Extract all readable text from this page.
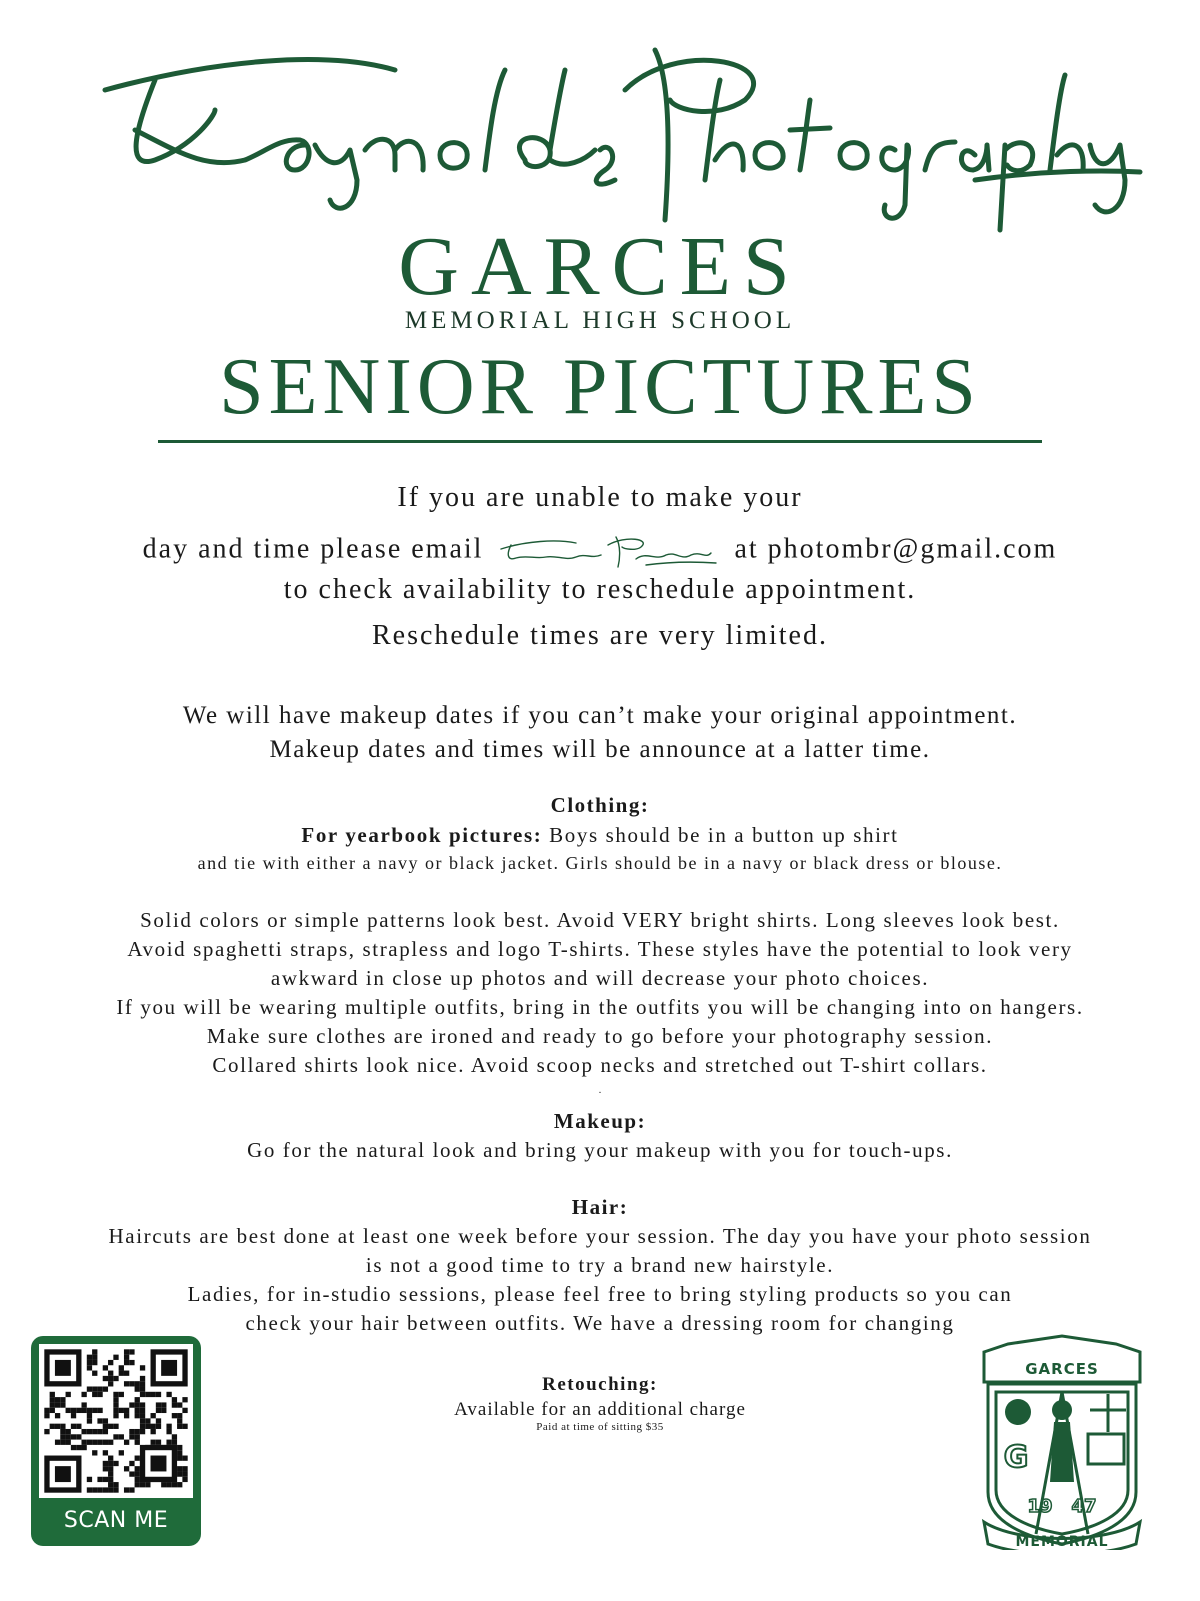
GARCES
MEMORIAL HIGH SCHOOL
SENIOR PICTURES
If you are unable to make your
day and time please email	at photombr@gmail.com
to check availability to reschedule appointment.
Reschedule times are very limited.
We will have makeup dates if you can’t make your original appointment.
Makeup dates and times will be announce at a latter time.
Clothing:
For yearbook pictures: Boys should be in a button up shirt
and tie with either a navy or black jacket. Girls should be in a navy or black dress or blouse.
Solid colors or simple patterns look best. Avoid VERY bright shirts. Long sleeves look best.
Avoid spaghetti straps, strapless and logo T-shirts. These styles have the potential to look very
awkward in close up photos and will decrease your photo choices.
If you will be wearing multiple outfits, bring in the outfits you will be changing into on hangers.
Make sure clothes are ironed and ready to go before your photography session.
Collared shirts look nice. Avoid scoop necks and stretched out T-shirt collars.
.
Makeup:
Go for the natural look and bring your makeup with you for touch-ups.
Hair:
Haircuts are best done at least one week before your session. The day you have your photo session
is not a good time to try a brand new hairstyle.
Ladies, for in-studio sessions, please feel free to bring styling products so you can
check your hair between outfits. We have a dressing room for changing
Retouching:
Available for an additional charge
Paid at time of sitting $35
SCAN ME
GARCES
G
19 47
MEMORIAL
